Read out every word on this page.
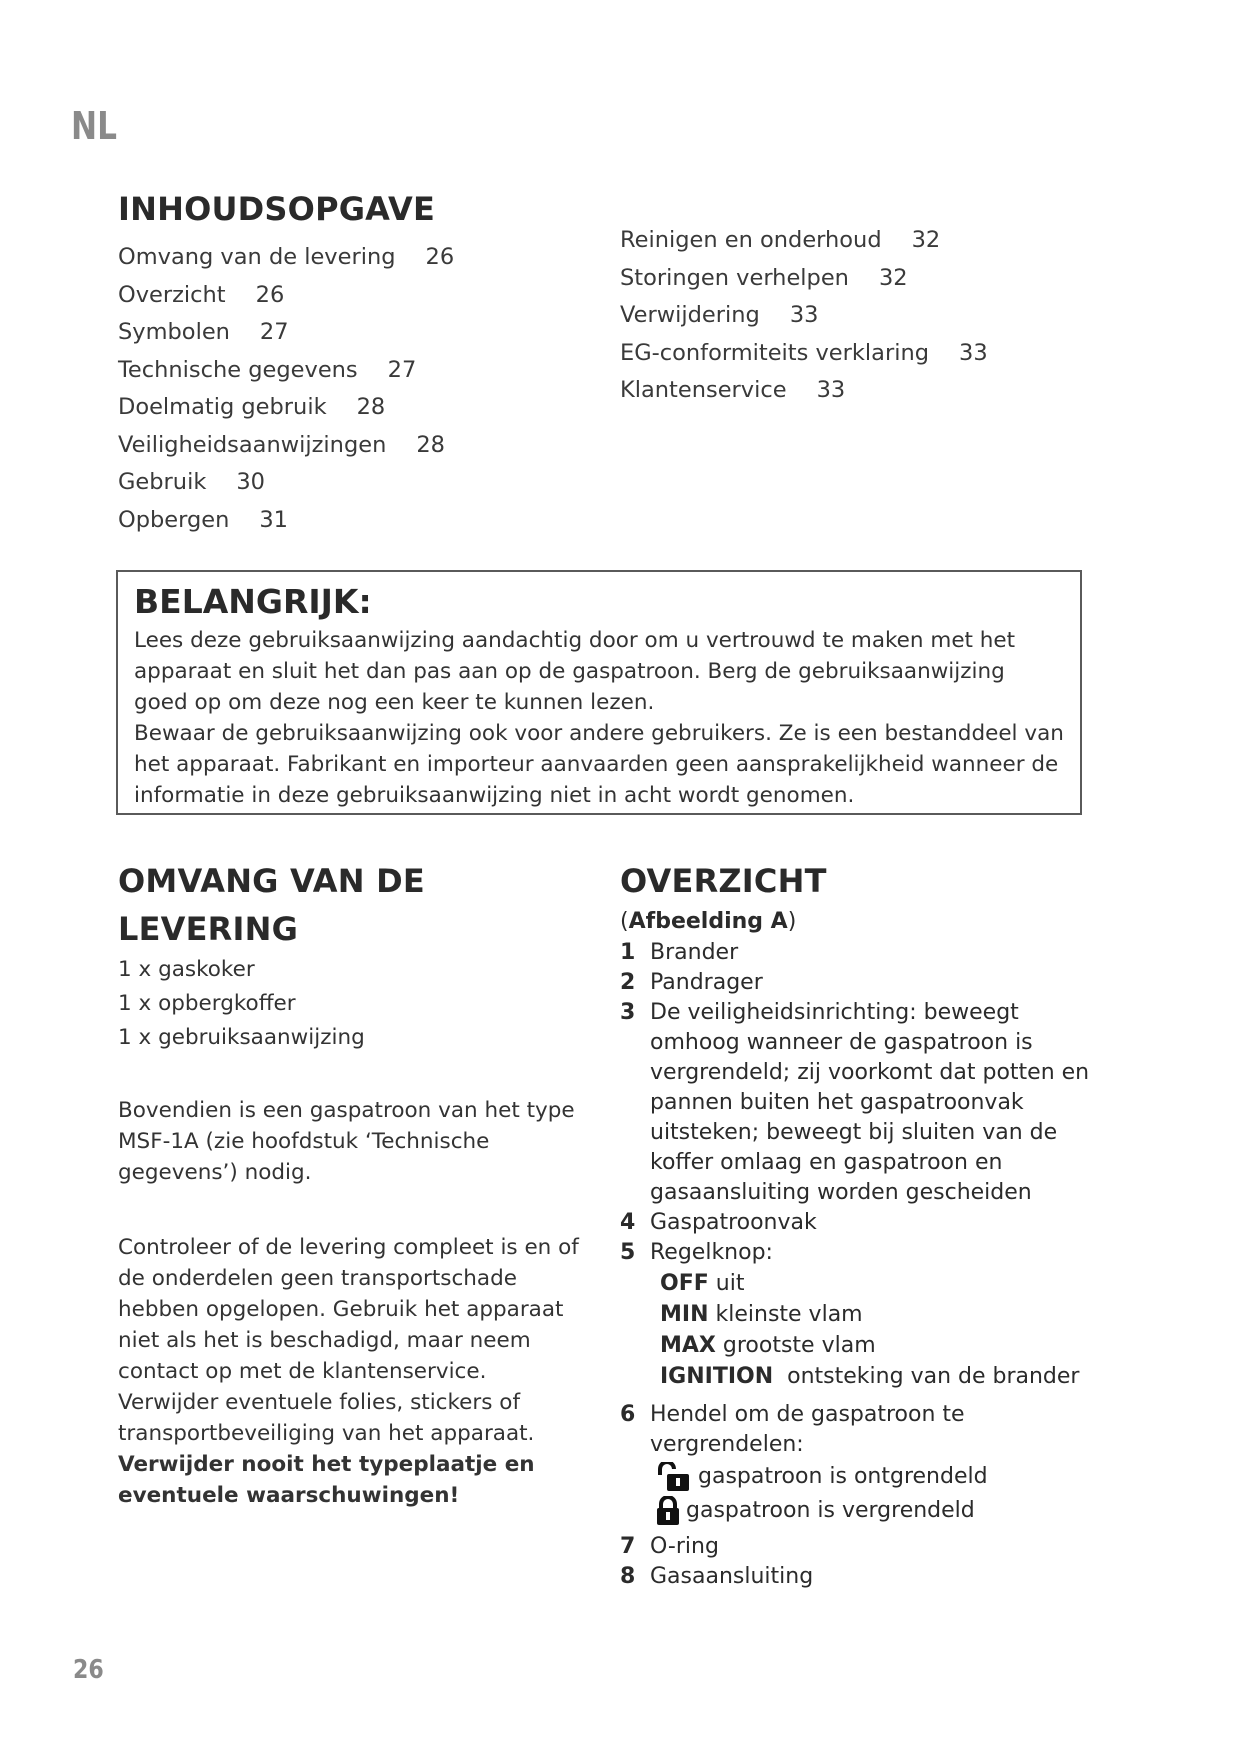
NL
INHOUDSOPGAVE
Omvang van de levering 26
Overzicht 26
Symbolen 27
Technische gegevens 27
Doelmatig gebruik 28
Veiligheidsaanwijzingen 28
Gebruik 30
Opbergen 31
Reinigen en onderhoud 32
Storingen verhelpen 32
Verwijdering 33
EG-conformiteits verklaring 33
Klantenservice 33
BELANGRIJK:

Lees deze gebruiksaanwijzing aandachtig door om u vertrouwd te maken met het apparaat en sluit het dan pas aan op de gaspatroon. Berg de gebruiksaanwijzing goed op om deze nog een keer te kunnen lezen.

Bewaar de gebruiksaanwijzing ook voor andere gebruikers. Ze is een bestanddeel van het apparaat. Fabrikant en importeur aanvaarden geen aansprakelijkheid wanneer de informatie in deze gebruiksaanwijzing niet in acht wordt genomen.

OMVANG VAN DE
LEVERING
1 x gaskoker
1 x opbergkoffer
1 x gebruiksaanwijzing
Bovendien is een gaspatroon van het type MSF-1A (zie hoofdstuk ‘Technische gegevens’) nodig.
Controleer of de levering compleet is en of de onderdelen geen transportschade hebben opgelopen. Gebruik het apparaat niet als het is beschadigd, maar neem contact op met de klantenservice.
Verwijder eventuele folies, stickers of transportbeveiliging van het apparaat. Verwijder nooit het typeplaatje en eventuele waarschuwingen!
OVERZICHT
(Afbeelding A)
1 Brander
2 Pandrager
3 De veiligheidsinrichting: beweegt omhoog wanneer de gaspatroon is vergrendeld; zij voorkomt dat potten en pannen buiten het gaspatroonvak uitsteken; beweegt bij sluiten van de koffer omlaag en gaspatroon en gasaansluiting worden gescheiden
4 Gaspatroonvak
5 Regelknop:
OFF uit
MIN kleinste vlam
MAX grootste vlam
IGNITION ontsteking van de brander
6 Hendel om de gaspatroon te vergrendelen:
gaspatroon is ontgrendeld
gaspatroon is vergrendeld
7 O-ring
8 Gasaansluiting
26
